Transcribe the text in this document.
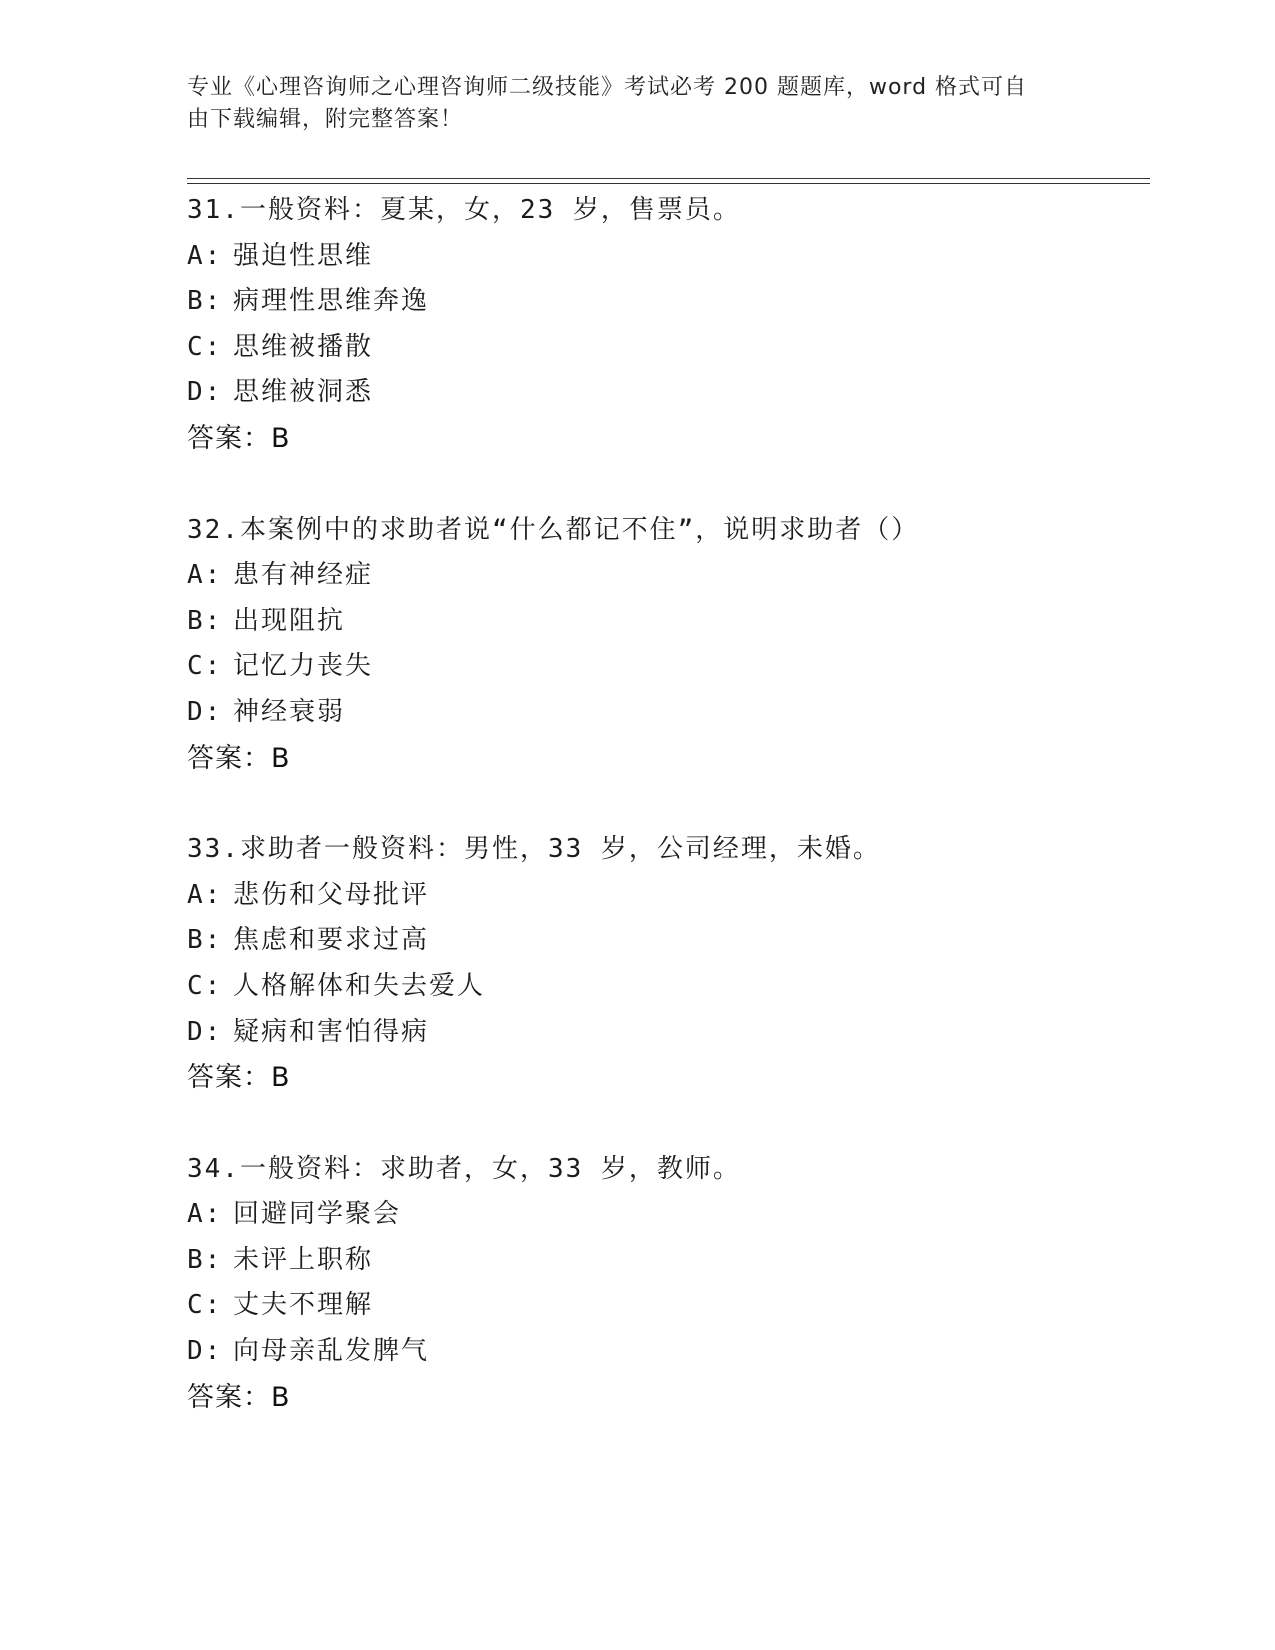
专业《心理咨询师之心理咨询师二级技能》考试必考 200 题题库，word 格式可自
由下载编辑，附完整答案！
31.一般资料：夏某，女，23 岁，售票员。
A: 强迫性思维
B: 病理性思维奔逸
C: 思维被播散
D: 思维被洞悉
答案：B
32.本案例中的求助者说“什么都记不住”，说明求助者（）
A: 患有神经症
B: 出现阻抗
C: 记忆力丧失
D: 神经衰弱
答案：B
33.求助者一般资料：男性，33 岁，公司经理，未婚。
A: 悲伤和父母批评
B: 焦虑和要求过高
C: 人格解体和失去爱人
D: 疑病和害怕得病
答案：B
34.一般资料：求助者，女，33 岁，教师。
A: 回避同学聚会
B: 未评上职称
C: 丈夫不理解
D: 向母亲乱发脾气
答案：B
